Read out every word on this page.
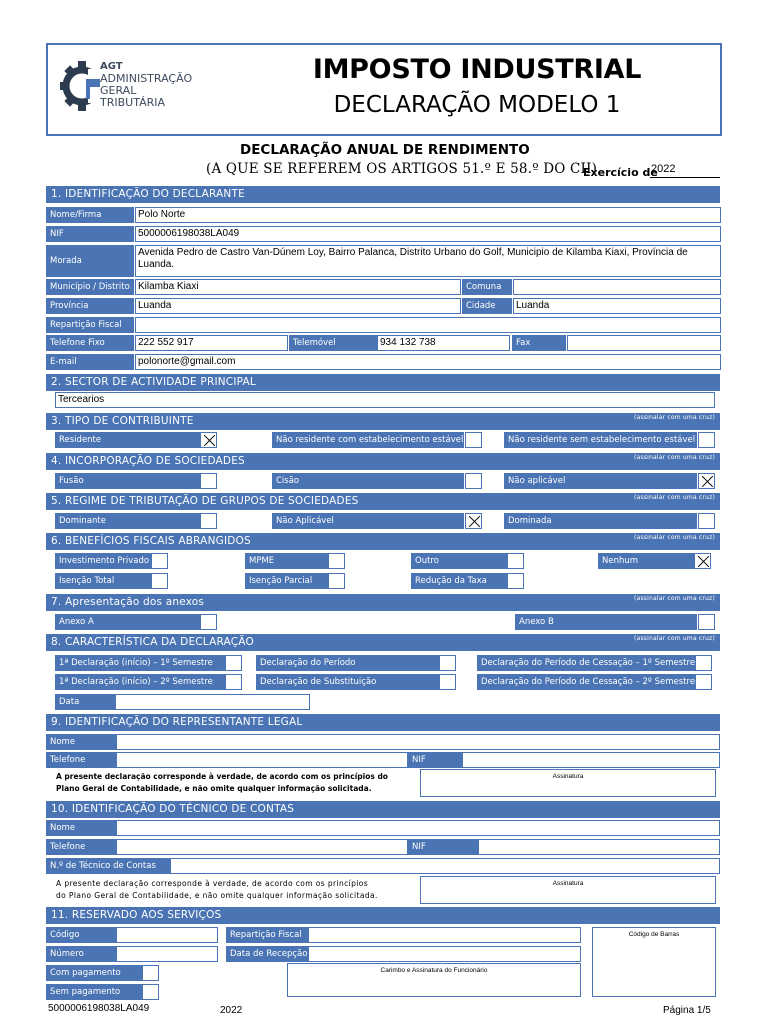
AGT
ADMINISTRAÇÃO
GERAL
TRIBUTÁRIA
IMPOSTO INDUSTRIAL
DECLARAÇÃO MODELO 1
DECLARAÇÃO ANUAL DE RENDIMENTO
(A QUE SE REFEREM OS ARTIGOS 51.º E 58.º DO CII)
Exercício de
2022
1. IDENTIFICAÇÃO DO DECLARANTE
Nome/Firma	Polo Norte
NIF	5000006198038LA049
Morada
Avenida Pedro de Castro Van-Dúnem Loy, Bairro Palanca, Distrito Urbano do Golf, Municipio de Kilamba Kiaxi, Província de Luanda.
Município / Distrito Kilamba Kiaxi	Comuna
Província	Luanda	Cidade	Luanda
Repartição Fiscal
Telefone Fixo	222 552 917	Telemóvel	934 132 738	Fax
E-mail	polonorte@gmail.com
2. SECTOR DE ACTIVIDADE PRINCIPAL
Tercearios
3. TIPO DE CONTRIBUINTE	(assinalar com uma cruz)
Residente	Não residente com estabelecimento estável	Não residente sem estabelecimento estável
4. INCORPORAÇÃO DE SOCIEDADES	(assinalar com uma cruz)
Fusão	Cisão	Não aplicável
5. REGIME DE TRIBUTAÇÃO DE GRUPOS DE SOCIEDADES	(assinalar com uma cruz)
Dominante	Não Aplicável	Dominada
6. BENEFÍCIOS FISCAIS ABRANGIDOS	(assinalar com uma cruz)
Investimento Privado	MPME	Outro	Nenhum
Isenção Total	Isenção Parcial	Redução da Taxa
7. Apresentação dos anexos	(assinalar com uma cruz)
Anexo A	Anexo B
8. CARACTERÍSTICA DA DECLARAÇÃO	(assinalar com uma cruz)
1ª Declaração (início) – 1º Semestre	Declaração do Período	Declaração do Período de Cessação – 1º Semestre
1ª Declaração (início) – 2º Semestre	Declaração de Substituição	Declaração do Período de Cessação – 2º Semestre
Data
9. IDENTIFICAÇÃO DO REPRESENTANTE LEGAL
Nome
Telefone	NIF
A presente declaração corresponde à verdade, de acordo com os princípios do
Plano Geral de Contabilidade, e não omite qualquer informação solicitada.
Assinatura
10. IDENTIFICAÇÃO DO TÉCNICO DE CONTAS
Nome
Telefone	NIF
N.º de Técnico de Contas
A presente declaração corresponde à verdade, de acordo com os princípios
do Plano Geral de Contabilidade, e não omite qualquer informação solicitada.
Assinatura
11. RESERVADO AOS SERVIÇOS
Código
Número
Com pagamento
Sem pagamento
Repartição Fiscal
Data de Recepção
Carimbo e Assinatura do Funcionário
Código de Barras
5000006198038LA049	2022	Página 1/5
